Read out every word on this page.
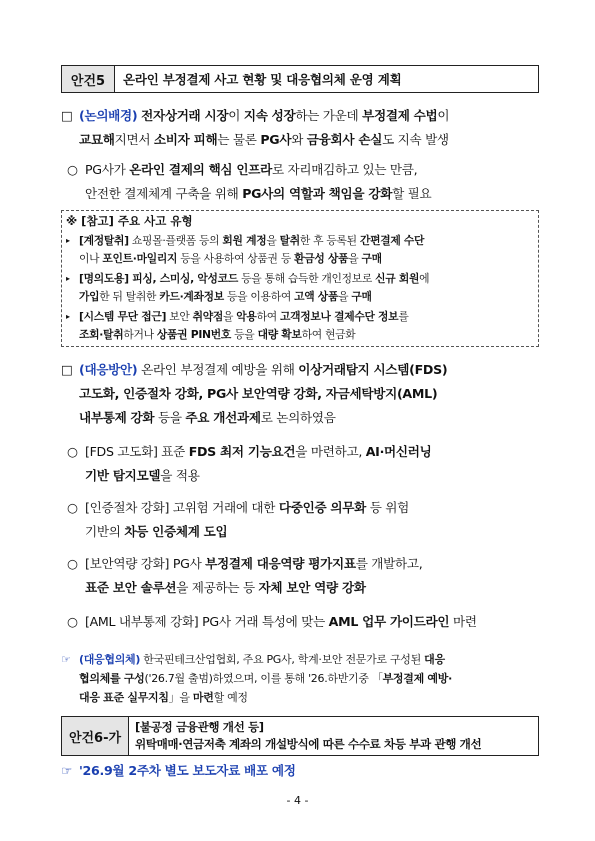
안건5	온라인 부정결제 사고 현황 및 대응협의체 운영 계획
□ (논의배경) 전자상거래 시장이 지속 성장하는 가운데 부정결제 수법이
교묘해지면서 소비자 피해는 물론 PG사와 금융회사 손실도 지속 발생
○ PG사가 온라인 결제의 핵심 인프라로 자리매김하고 있는 만큼,
안전한 결제체계 구축을 위해 PG사의 역할과 책임을 강화할 필요
※ [참고] 주요 사고 유형
▸ [계정탈취] 쇼핑몰·플랫폼 등의 회원 계정을 탈취한 후 등록된 간편결제 수단
이나 포인트·마일리지 등을 사용하여 상품권 등 환금성 상품을 구매
▸ [명의도용] 피싱, 스미싱, 악성코드 등을 통해 습득한 개인정보로 신규 회원에
가입한 뒤 탈취한 카드·계좌정보 등을 이용하여 고액 상품을 구매
▸ [시스템 무단 접근] 보안 취약점을 악용하여 고객정보나 결제수단 정보를
조회·탈취하거나 상품권 PIN번호 등을 대량 확보하여 현금화
□ (대응방안) 온라인 부정결제 예방을 위해 이상거래탐지 시스템(FDS)
고도화, 인증절차 강화, PG사 보안역량 강화, 자금세탁방지(AML)
내부통제 강화 등을 주요 개선과제로 논의하였음
○ [FDS 고도화] 표준 FDS 최저 기능요건을 마련하고, AI·머신러닝
기반 탐지모델을 적용
○ [인증절차 강화] 고위험 거래에 대한 다중인증 의무화 등 위험
기반의 차등 인증체계 도입
○ [보안역량 강화] PG사 부정결제 대응역량 평가지표를 개발하고,
표준 보안 솔루션을 제공하는 등 자체 보안 역량 강화
○ [AML 내부통제 강화] PG사 거래 특성에 맞는 AML 업무 가이드라인 마련
☞ (대응협의체) 한국핀테크산업협회, 주요 PG사, 학계·보안 전문가로 구성된 대응
협의체를 구성('26.7월 출범)하였으며, 이를 통해 '26.하반기중 「부정결제 예방·
대응 표준 실무지침」을 마련할 예정
안건6-가
[불공정 금융관행 개선 등]
위탁매매·연금저축 계좌의 개설방식에 따른 수수료 차등 부과 관행 개선
☞ '26.9월 2주차 별도 보도자료 배포 예정
- 4 -
